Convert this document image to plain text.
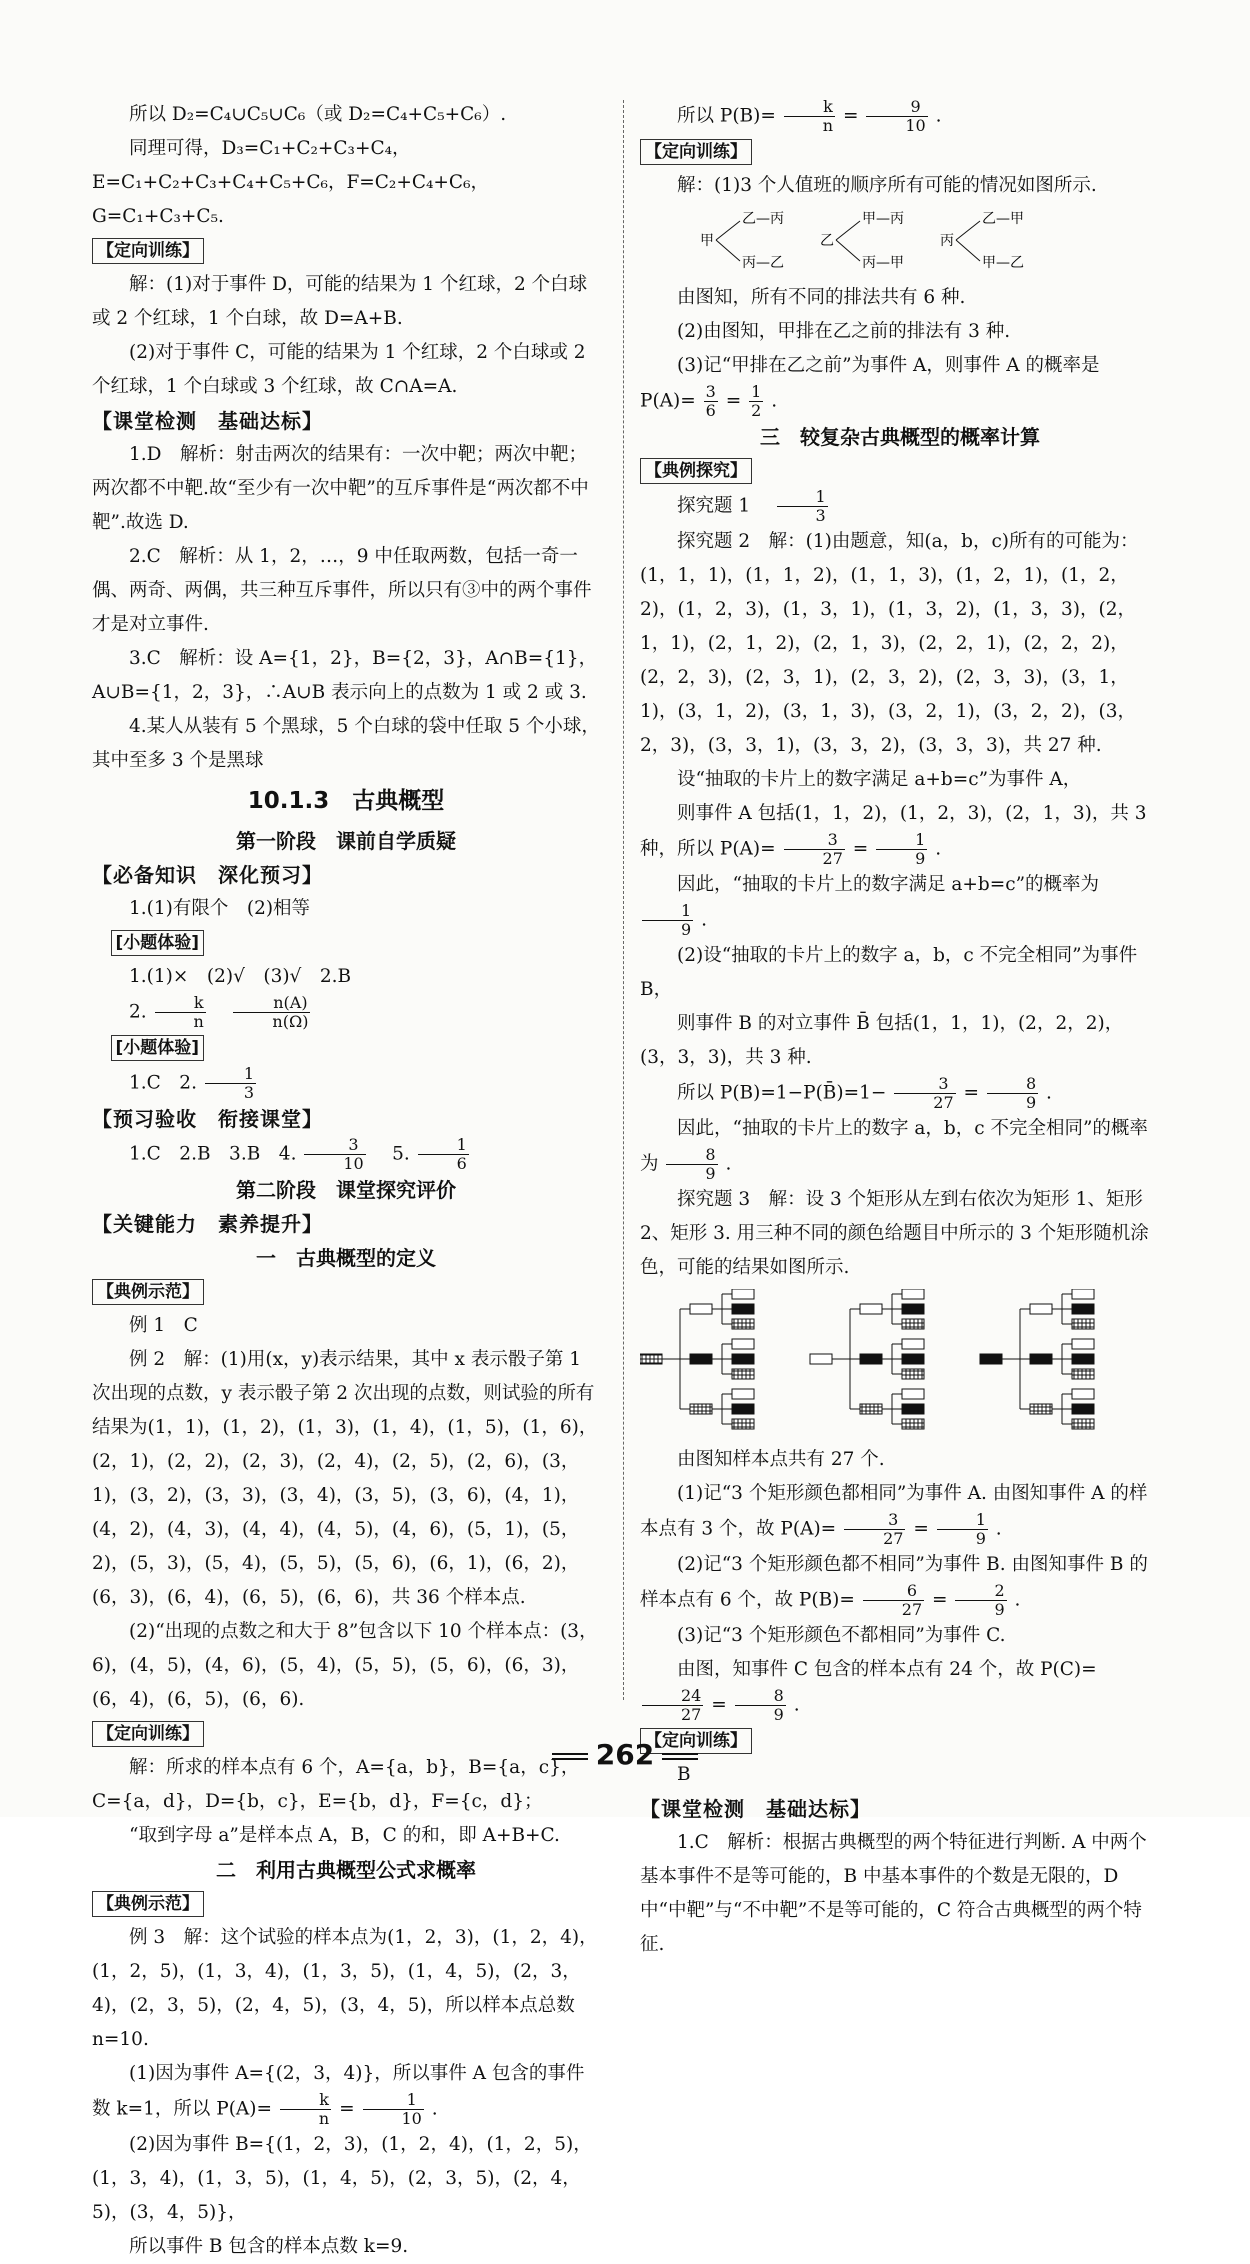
所以 D₂=C₄∪C₅∪C₆（或 D₂=C₄+C₅+C₆）.

同理可得，D₃=C₁+C₂+C₃+C₄，E=C₁+C₂+C₃+C₄+C₅+C₆，F=C₂+C₄+C₆，G=C₁+C₃+C₅.

【定向训练】

解：(1)对于事件 D，可能的结果为 1 个红球，2 个白球或 2 个红球，1 个白球，故 D=A+B.

(2)对于事件 C，可能的结果为 1 个红球，2 个白球或 2 个红球，1 个白球或 3 个红球，故 C∩A=A.

【课堂检测　基础达标】

1.D　解析：射击两次的结果有：一次中靶；两次中靶；两次都不中靶.故“至少有一次中靶”的互斥事件是“两次都不中靶”.故选 D.

2.C　解析：从 1，2，…，9 中任取两数，包括一奇一偶、两奇、两偶，共三种互斥事件，所以只有③中的两个事件才是对立事件.

3.C　解析：设 A={1，2}，B={2，3}，A∩B={1}，A∪B={1，2，3}，∴A∪B 表示向上的点数为 1 或 2 或 3.

4.某人从装有 5 个黑球，5 个白球的袋中任取 5 个小球，其中至多 3 个是黑球

10.1.3　古典概型
第一阶段　课前自学质疑
【必备知识　深化预习】

1.(1)有限个　(2)相等

[小题体验]

1.(1)×　(2)√　(3)√　2.B

2. $\frac{k}{n}$
$\frac{n(A)}{n(\Omega)}$

[小题体验]

1.C　2. $\frac{1}{3}$

【预习验收　衔接课堂】

1.C　2.B　3.B　4. $\frac{3}{10}$ 　5. $\frac{1}{6}$

第二阶段　课堂探究评价
【关键能力　素养提升】
一　古典概型的定义
【典例示范】

例 1　C

例 2　解：(1)用(x，y)表示结果，其中 x 表示骰子第 1 次出现的点数，y 表示骰子第 2 次出现的点数，则试验的所有结果为(1，1)，(1，2)，(1，3)，(1，4)，(1，5)，(1，6)，(2，1)，(2，2)，(2，3)，(2，4)，(2，5)，(2，6)，(3，1)，(3，2)，(3，3)，(3，4)，(3，5)，(3，6)，(4，1)，(4，2)，(4，3)，(4，4)，(4，5)，(4，6)，(5，1)，(5，2)，(5，3)，(5，4)，(5，5)，(5，6)，(6，1)，(6，2)，(6，3)，(6，4)，(6，5)，(6，6)，共 36 个样本点.

(2)“出现的点数之和大于 8”包含以下 10 个样本点：(3，6)，(4，5)，(4，6)，(5，4)，(5，5)，(5，6)，(6，3)，(6，4)，(6，5)，(6，6).

【定向训练】

解：所求的样本点有 6 个，A={a，b}，B={a，c}，C={a，d}，D={b，c}，E={b，d}，F={c，d}；

“取到字母 a”是样本点 A，B，C 的和，即 A+B+C.

二　利用古典概型公式求概率
【典例示范】

例 3　解：这个试验的样本点为(1，2，3)，(1，2，4)，(1，2，5)，(1，3，4)，(1，3，5)，(1，4，5)，(2，3，4)，(2，3，5)，(2，4，5)，(3，4，5)，所以样本点总数 n=10.

(1)因为事件 A={(2，3，4)}，所以事件 A 包含的事件数 k=1，所以 $P(A)= \frac{k}{n} = \frac{1}{10}$ .

(2)因为事件 B={(1，2，3)，(1，2，4)，(1，2，5)，(1，3，4)，(1，3，5)，(1，4，5)，(2，3，5)，(2，4，5)，(3，4，5)}，

所以事件 B 包含的样本点数 k=9.

所以 $P(B)= \frac{k}{n} = \frac{9}{10}$ .

【定向训练】

解：(1)3 个人值班的顺序所有可能的情况如图所示.

甲
乙—丙
丙—乙
乙
甲—丙
丙—甲
丙
乙—甲
甲—乙

由图知，所有不同的排法共有 6 种.

(2)由图知，甲排在乙之前的排法有 3 种.

(3)记“甲排在乙之前”为事件 A，则事件 A 的概率是

$P(A)= \frac{3}{6} = \frac{1}{2}$ .

三　较复杂古典概型的概率计算
【典例探究】

探究题 1　 $\frac{1}{3}$

探究题 2　解：(1)由题意，知(a，b，c)所有的可能为：(1，1，1)，(1，1，2)，(1，1，3)，(1，2，1)，(1，2，2)，(1，2，3)，(1，3，1)，(1，3，2)，(1，3，3)，(2，1，1)，(2，1，2)，(2，1，3)，(2，2，1)，(2，2，2)，(2，2，3)，(2，3，1)，(2，3，2)，(2，3，3)，(3，1，1)，(3，1，2)，(3，1，3)，(3，2，1)，(3，2，2)，(3，2，3)，(3，3，1)，(3，3，2)，(3，3，3)，共 27 种.

设“抽取的卡片上的数字满足 a+b=c”为事件 A，

则事件 A 包括(1，1，2)，(1，2，3)，(2，1，3)，共 3 种，所以 $P(A)= \frac{3}{27} = \frac{1}{9}$ .

因此，“抽取的卡片上的数字满足 a+b=c”的概率为
$\frac{1}{9}$ .

(2)设“抽取的卡片上的数字 a，b，c 不完全相同”为事件 B，

则事件 B 的对立事件 B̄ 包括(1，1，1)，(2，2，2)，(3，3，3)，共 3 种.

所以 P(B)=1−P(B̄)=1− $\frac{3}{27} = \frac{8}{9}$ .

因此，“抽取的卡片上的数字 a，b，c 不完全相同”的概率为 $\frac{8}{9}$ .

探究题 3　解：设 3 个矩形从左到右依次为矩形 1、矩形 2、矩形 3. 用三种不同的颜色给题目中所示的 3 个矩形随机涂色，可能的结果如图所示.

由图知样本点共有 27 个.

(1)记“3 个矩形颜色都相同”为事件 A. 由图知事件 A 的样本点有 3 个，故 $P(A)= \frac{3}{27} = \frac{1}{9}$ .

(2)记“3 个矩形颜色都不相同”为事件 B. 由图知事件 B 的样本点有 6 个，故 $P(B)= \frac{6}{27} = \frac{2}{9}$ .

(3)记“3 个矩形颜色不都相同”为事件 C.

由图，知事件 C 包含的样本点有 24 个，故 P(C)=
$\frac{24}{27} = \frac{8}{9}$ .

【定向训练】

B

【课堂检测　基础达标】

1.C　解析：根据古典概型的两个特征进行判断. A 中两个基本事件不是等可能的，B 中基本事件的个数是无限的，D 中“中靶”与“不中靶”不是等可能的，C 符合古典概型的两个特征.

262
